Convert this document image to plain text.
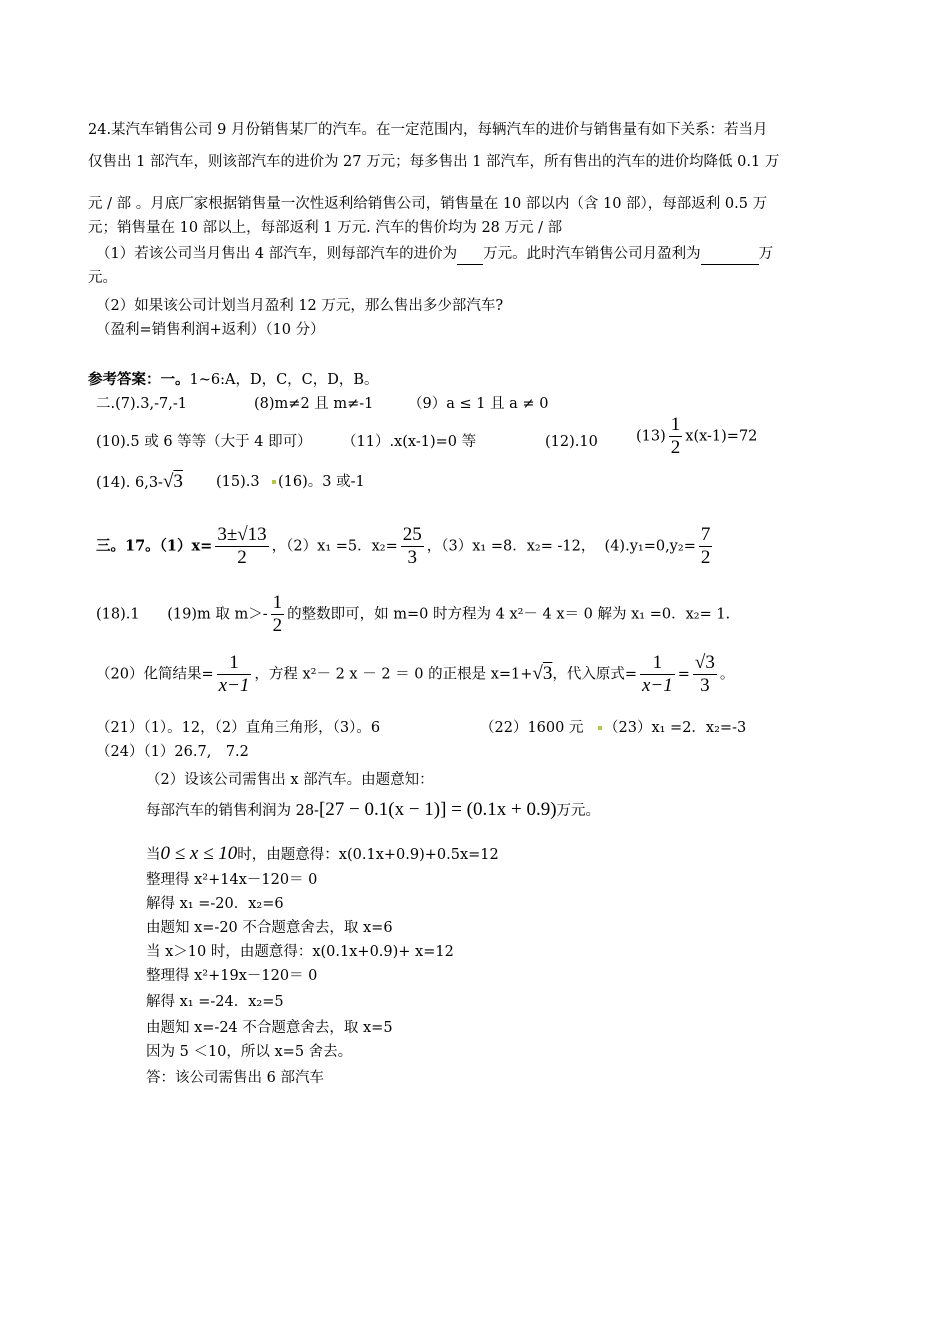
24.某汽车销售公司 9 月份销售某厂的汽车。在一定范围内，每辆汽车的进价与销售量有如下关系：若当月
仅售出 1 部汽车，则该部汽车的进价为 27 万元；每多售出 1 部汽车，所有售出的汽车的进价均降低 0.1 万
元 / 部 。月底厂家根据销售量一次性返利给销售公司，销售量在 10 部以内（含 10 部），每部返利 0.5 万
元；销售量在 10 部以上，每部返利 1 万元. 汽车的售价均为 28 万元 / 部
（1）若该公司当月售出 4 部汽车，则每部汽车的进价为 万元。此时汽车销售公司月盈利为	万
元。
（2）如果该公司计划当月盈利 12 万元，那么售出多少部汽车?
（盈利=销售利润+返利）（10 分）
参考答案：一。1~6:A，D，C，C，D，B。
二.(7).3,-7,-1	(8)m≠2 且 m≠-1 （9）a ≤ 1 且 a ≠ 0
(10).5 或 6 等等（大于 4 即可） （11）.x(x-1)=0 等	(12).10	$(13) \frac{1}{2} x(x-1)=72$
(14). 6,3-√3 (15).3	(16)。3 或-1
三。17。$(1)x= \frac{3\pm√13}{2}$ ，（2）x₁ =5．$x_2= \frac{25}{3}$ ，（3）x₁ =8．x₂= -12， $(4).y_1=0,y_2= \frac{7}{2}$
(18).1 (19)m 取 $m>- \frac{1}{2}$ 的整数即可，如 m=0 时方程为 4 x²－ 4 x＝ 0 解为 x₁ =0．x₂= 1.
（20）化简结果= $\frac{1}{x-1}$ ，方程 x²－ 2 x － 2 ＝ 0 的正根是 x=1+√3，代入原式= $\frac{1}{x-1} = \frac{√3}{3}$ 。
（21）（1）。12，（2）直角三角形，（3）。6	（22）1600 元	（23）x₁ =2．x₂=-3
（24）（1）26.7,　7.2
（2）设该公司需售出 x 部汽车。由题意知：
每部汽车的销售利润为 28-[27 − 0.1(x − 1)] = (0.1x + 0.9)万元。
当0 ≤ x ≤ 10时，由题意得：x(0.1x+0.9)+0.5x=12
整理得 x²+14x－120＝ 0
解得 x₁ =-20．x₂=6
由题知 x=-20 不合题意舍去，取 x=6
当 x＞10 时，由题意得：x(0.1x+0.9)+ x=12
整理得 x²+19x－120＝ 0
解得 x₁ =-24．x₂=5
由题知 x=-24 不合题意舍去，取 x=5
因为 5 ＜10，所以 x=5 舍去。
答：该公司需售出 6 部汽车
